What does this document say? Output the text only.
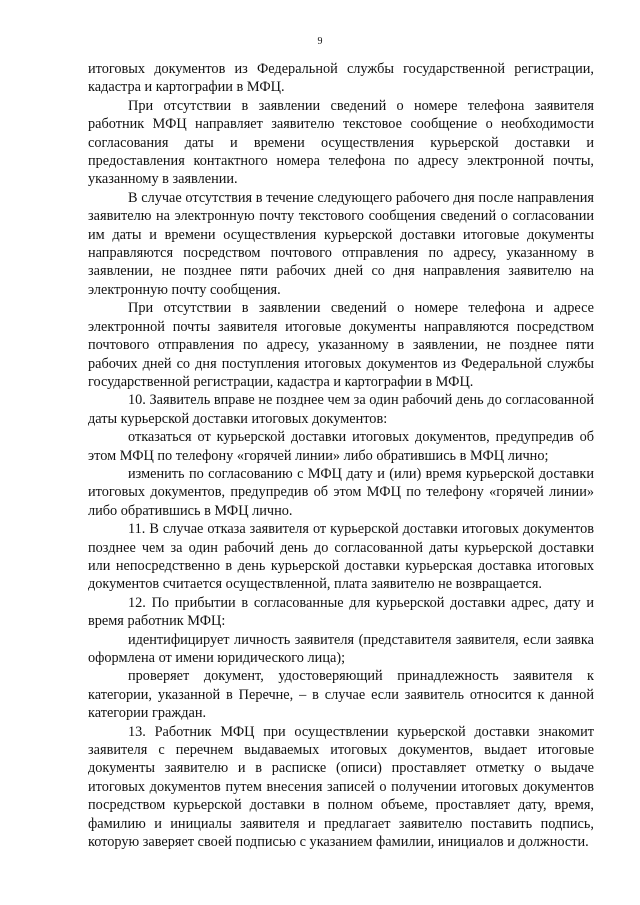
9

итоговых документов из Федеральной службы государственной регистрации, кадастра и картографии в МФЦ.

При отсутствии в заявлении сведений о номере телефона заявителя работник МФЦ направляет заявителю текстовое сообщение о необходимости согласования даты и времени осуществления курьерской доставки и предоставления контактного номера телефона по адресу электронной почты, указанному в заявлении.

В случае отсутствия в течение следующего рабочего дня после направления заявителю на электронную почту текстового сообщения сведений о согласовании им даты и времени осуществления курьерской доставки итоговые документы направляются посредством почтового отправления по адресу, указанному в заявлении, не позднее пяти рабочих дней со дня направления заявителю на электронную почту сообщения.

При отсутствии в заявлении сведений о номере телефона и адресе электронной почты заявителя итоговые документы направляются посредством почтового отправления по адресу, указанному в заявлении, не позднее пяти рабочих дней со дня поступления итоговых документов из Федеральной службы государственной регистрации, кадастра и картографии в МФЦ.

10. Заявитель вправе не позднее чем за один рабочий день до согласованной даты курьерской доставки итоговых документов:

отказаться от курьерской доставки итоговых документов, предупредив об этом МФЦ по телефону «горячей линии» либо обратившись в МФЦ лично;

изменить по согласованию с МФЦ дату и (или) время курьерской доставки итоговых документов, предупредив об этом МФЦ по телефону «горячей линии» либо обратившись в МФЦ лично.

11. В случае отказа заявителя от курьерской доставки итоговых документов позднее чем за один рабочий день до согласованной даты курьерской доставки или непосредственно в день курьерской доставки курьерская доставка итоговых документов считается осуществленной, плата заявителю не возвращается.

12. По прибытии в согласованные для курьерской доставки адрес, дату и время работник МФЦ:

идентифицирует личность заявителя (представителя заявителя, если заявка оформлена от имени юридического лица);

проверяет документ, удостоверяющий принадлежность заявителя к категории, указанной в Перечне, – в случае если заявитель относится к данной категории граждан.

13. Работник МФЦ при осуществлении курьерской доставки знакомит заявителя с перечнем выдаваемых итоговых документов, выдает итоговые документы заявителю и в расписке (описи) проставляет отметку о выдаче итоговых документов путем внесения записей о получении итоговых документов посредством курьерской доставки в полном объеме, проставляет дату, время, фамилию и инициалы заявителя и предлагает заявителю поставить подпись, которую заверяет своей подписью с указанием фамилии, инициалов и должности.
